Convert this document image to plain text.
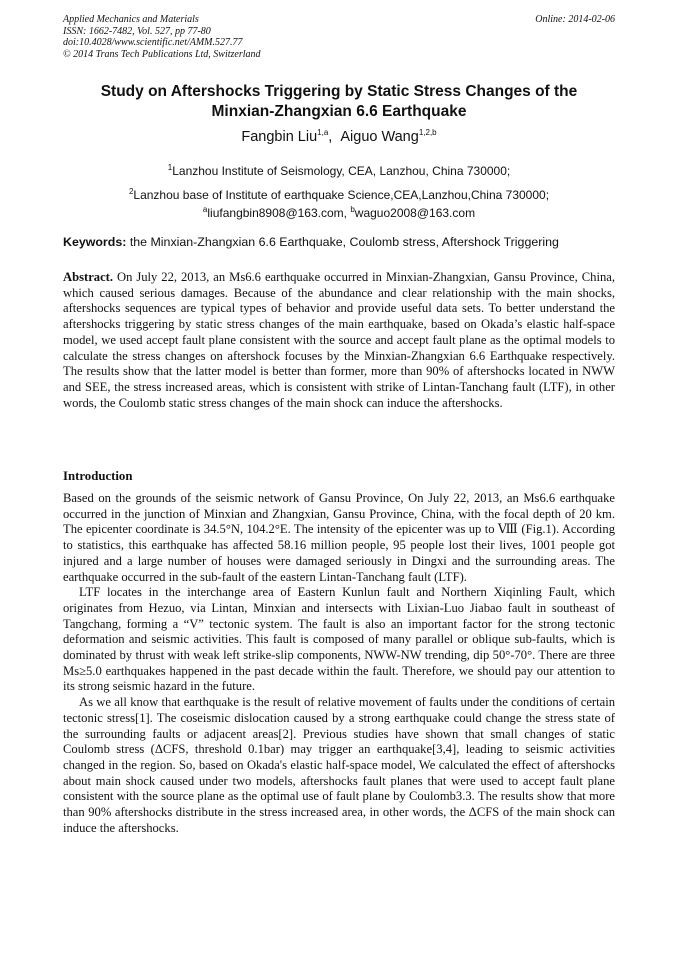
Applied Mechanics and Materials
ISSN: 1662-7482, Vol. 527, pp 77-80
doi:10.4028/www.scientific.net/AMM.527.77
© 2014 Trans Tech Publications Ltd, Switzerland
Online: 2014-02-06
Study on Aftershocks Triggering by Static Stress Changes of the
Minxian-Zhangxian 6.6 Earthquake
Fangbin Liu$^{1,a}$, Aiguo Wang$^{1,2,b}$
$^1$Lanzhou Institute of Seismology, CEA, Lanzhou, China 730000;
$^2$Lanzhou base of Institute of earthquake Science,CEA,Lanzhou,China 730000;
$^a$liufangbin8908@163.com, $^b$waguo2008@163.com
Keywords: the Minxian-Zhangxian 6.6 Earthquake, Coulomb stress, Aftershock Triggering
Abstract. On July 22, 2013, an Ms6.6 earthquake occurred in Minxian-Zhangxian, Gansu Province, China, which caused serious damages. Because of the abundance and clear relationship with the main shocks, aftershocks sequences are typical types of behavior and provide useful data sets. To better understand the aftershocks triggering by static stress changes of the main earthquake, based on Okada’s elastic half-space model, we used accept fault plane consistent with the source and accept fault plane as the optimal models to calculate the stress changes on aftershock focuses by the Minxian-Zhangxian 6.6 Earthquake respectively. The results show that the latter model is better than former, more than 90% of aftershocks located in NWW and SEE, the stress increased areas, which is consistent with strike of Lintan-Tanchang fault (LTF), in other words, the Coulomb static stress changes of the main shock can induce the aftershocks.
Introduction

Based on the grounds of the seismic network of Gansu Province, On July 22, 2013, an Ms6.6 earthquake occurred in the junction of Minxian and Zhangxian, Gansu Province, China, with the focal depth of 20 km. The epicenter coordinate is 34.5°N, 104.2°E. The intensity of the epicenter was up to Ⅷ (Fig.1). According to statistics, this earthquake has affected 58.16 million people, 95 people lost their lives, 1001 people got injured and a large number of houses were damaged seriously in Dingxi and the surrounding areas. The earthquake occurred in the sub-fault of the eastern Lintan-Tanchang fault (LTF).

LTF locates in the interchange area of Eastern Kunlun fault and Northern Xiqinling Fault, which originates from Hezuo, via Lintan, Minxian and intersects with Lixian-Luo Jiabao fault in southeast of Tangchang, forming a “V” tectonic system. The fault is also an important factor for the strong tectonic deformation and seismic activities. This fault is composed of many parallel or oblique sub-faults, which is dominated by thrust with weak left strike-slip components, NWW-NW trending, dip 50°-70°. There are three Ms≥5.0 earthquakes happened in the past decade within the fault. Therefore, we should pay our attention to its strong seismic hazard in the future.

As we all know that earthquake is the result of relative movement of faults under the conditions of certain tectonic stress[1]. The coseismic dislocation caused by a strong earthquake could change the stress state of the surrounding faults or adjacent areas[2]. Previous studies have shown that small changes of static Coulomb stress (ΔCFS, threshold 0.1bar) may trigger an earthquake[3,4], leading to seismic activities changed in the region. So, based on Okada's elastic half-space model, We calculated the effect of aftershocks about main shock caused under two models, aftershocks fault planes that were used to accept fault plane consistent with the source plane as the optimal use of fault plane by Coulomb3.3. The results show that more than 90% aftershocks distribute in the stress increased area, in other words, the ΔCFS of the main shock can induce the aftershocks.
